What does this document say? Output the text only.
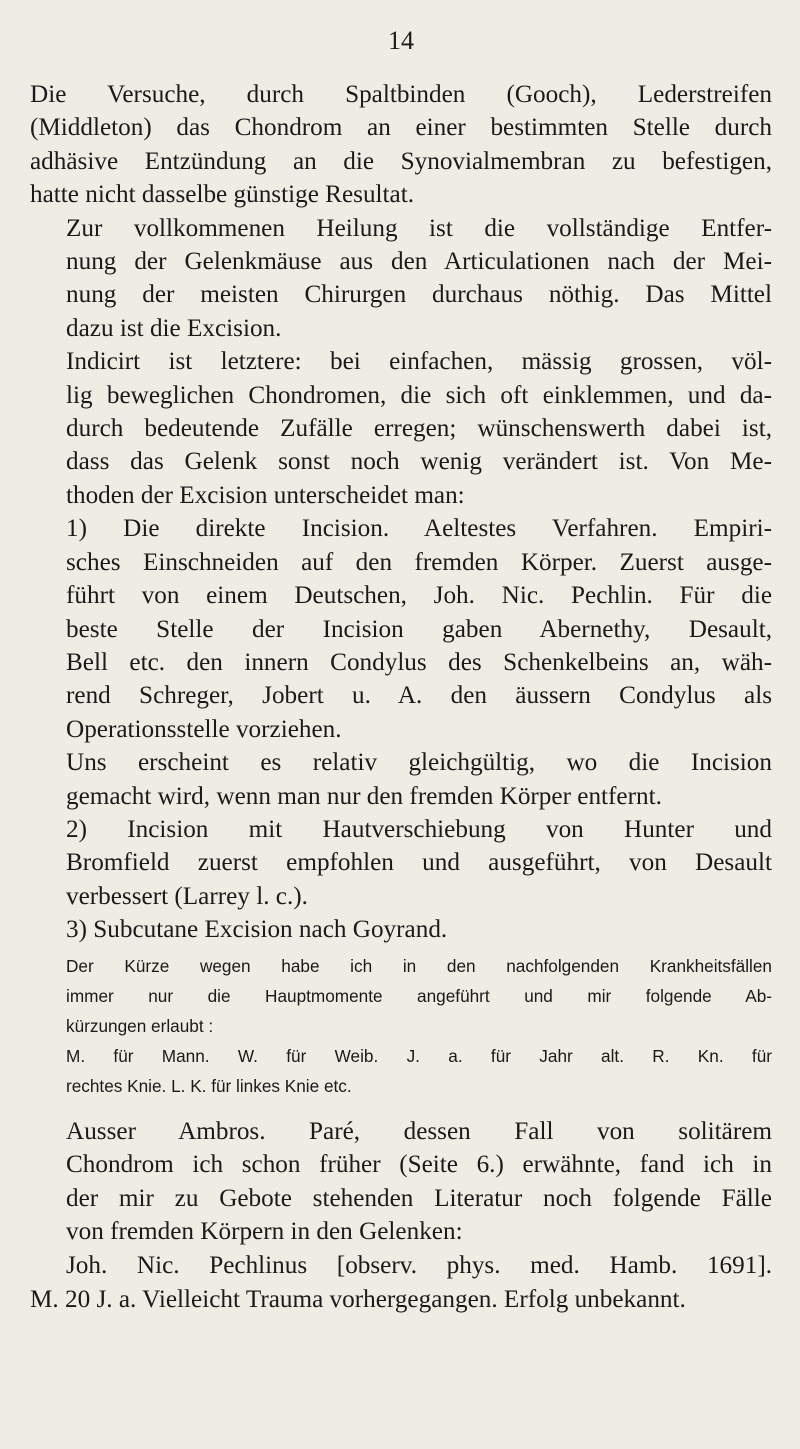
14

Die Versuche, durch Spaltbinden (Gooch), Lederstreifen
(Middleton) das Chondrom an einer bestimmten Stelle durch
adhäsive Entzündung an die Synovialmembran zu befestigen,
hatte nicht dasselbe günstige Resultat.

Zur vollkommenen Heilung ist die vollständige Entfer-
nung der Gelenkmäuse aus den Articulationen nach der Mei-
nung der meisten Chirurgen durchaus nöthig. Das Mittel
dazu ist die Excision.

Indicirt ist letztere: bei einfachen, mässig grossen, völ-
lig beweglichen Chondromen, die sich oft einklemmen, und da-
durch bedeutende Zufälle erregen; wünschenswerth dabei ist,
dass das Gelenk sonst noch wenig verändert ist. Von Me-
thoden der Excision unterscheidet man:

1) Die direkte Incision. Aeltestes Verfahren. Empiri-
sches Einschneiden auf den fremden Körper. Zuerst ausge-
führt von einem Deutschen, Joh. Nic. Pechlin. Für die
beste Stelle der Incision gaben Abernethy, Desault,
Bell etc. den innern Condylus des Schenkelbeins an, wäh-
rend Schreger, Jobert u. A. den äussern Condylus als
Operationsstelle vorziehen.

Uns erscheint es relativ gleichgültig, wo die Incision
gemacht wird, wenn man nur den fremden Körper entfernt.

2) Incision mit Hautverschiebung von Hunter und
Bromfield zuerst empfohlen und ausgeführt, von Desault
verbessert (Larrey l. c.).

3) Subcutane Excision nach Goyrand.

Der Kürze wegen habe ich in den nachfolgenden Krankheitsfällen
immer nur die Hauptmomente angeführt und mir folgende Ab-
kürzungen erlaubt :
M. für Mann. W. für Weib. J. a. für Jahr alt. R. Kn. für
rechtes Knie. L. K. für linkes Knie etc.

Ausser Ambros. Paré, dessen Fall von solitärem
Chondrom ich schon früher (Seite 6.) erwähnte, fand ich in
der mir zu Gebote stehenden Literatur noch folgende Fälle
von fremden Körpern in den Gelenken:

Joh. Nic. Pechlinus [observ. phys. med. Hamb. 1691].

M. 20 J. a. Vielleicht Trauma vorhergegangen. Erfolg unbekannt.
